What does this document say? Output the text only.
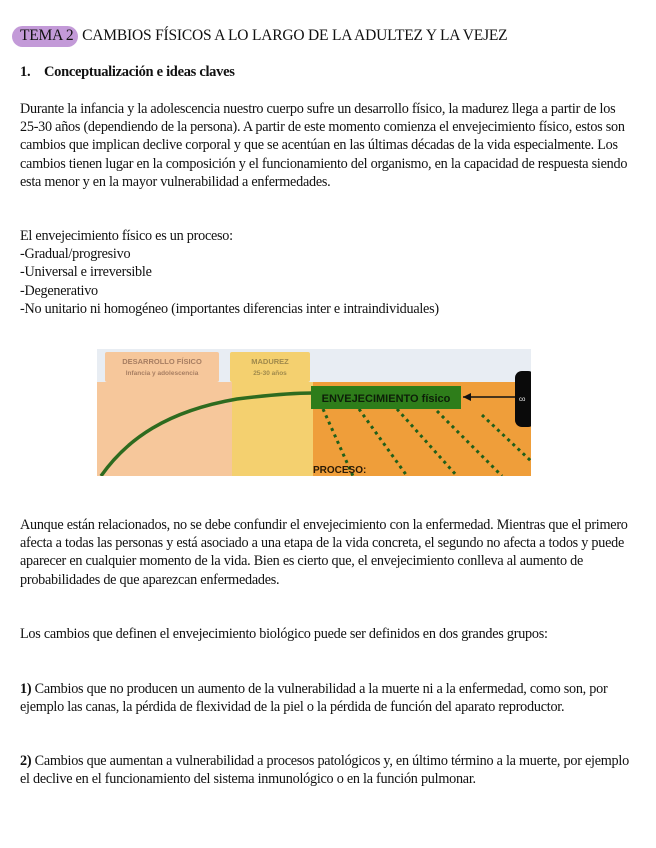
TEMA 2 CAMBIOS FÍSICOS A LO LARGO DE LA ADULTEZ Y LA VEJEZ
1. Conceptualización e ideas claves
Durante la infancia y la adolescencia nuestro cuerpo sufre un desarrollo físico, la madurez llega a partir de los 25-30 años (dependiendo de la persona). A partir de este momento comienza el envejecimiento físico, estos son cambios que implican declive corporal y que se acentúan en las últimas décadas de la vida especialmente. Los cambios tienen lugar en la composición y el funcionamiento del organismo, en la capacidad de respuesta siendo esta menor y en la mayor vulnerabilidad a enfermedades.
El envejecimiento físico es un proceso:
-Gradual/progresivo
-Universal e irreversible
-Degenerativo
-No unitario ni homogéneo (importantes diferencias inter e intraindividuales)
DESARROLLO FÍSICO
Infancia y adolescencia
MADUREZ
25-30 años
ENVEJECIMIENTO físico	co
PROCESO:
Aunque están relacionados, no se debe confundir el envejecimiento con la enfermedad. Mientras que el primero afecta a todas las personas y está asociado a una etapa de la vida concreta, el segundo no afecta a todos y puede aparecer en cualquier momento de la vida. Bien es cierto que, el envejecimiento conlleva al aumento de probabilidades de que aparezcan enfermedades.
Los cambios que definen el envejecimiento biológico puede ser definidos en dos grandes grupos:
1) Cambios que no producen un aumento de la vulnerabilidad a la muerte ni a la enfermedad, como son, por ejemplo las canas, la pérdida de flexividad de la piel o la pérdida de función del aparato reproductor.
2) Cambios que aumentan a vulnerabilidad a procesos patológicos y, en último término a la muerte, por ejemplo el declive en el funcionamiento del sistema inmunológico o en la función pulmonar.
